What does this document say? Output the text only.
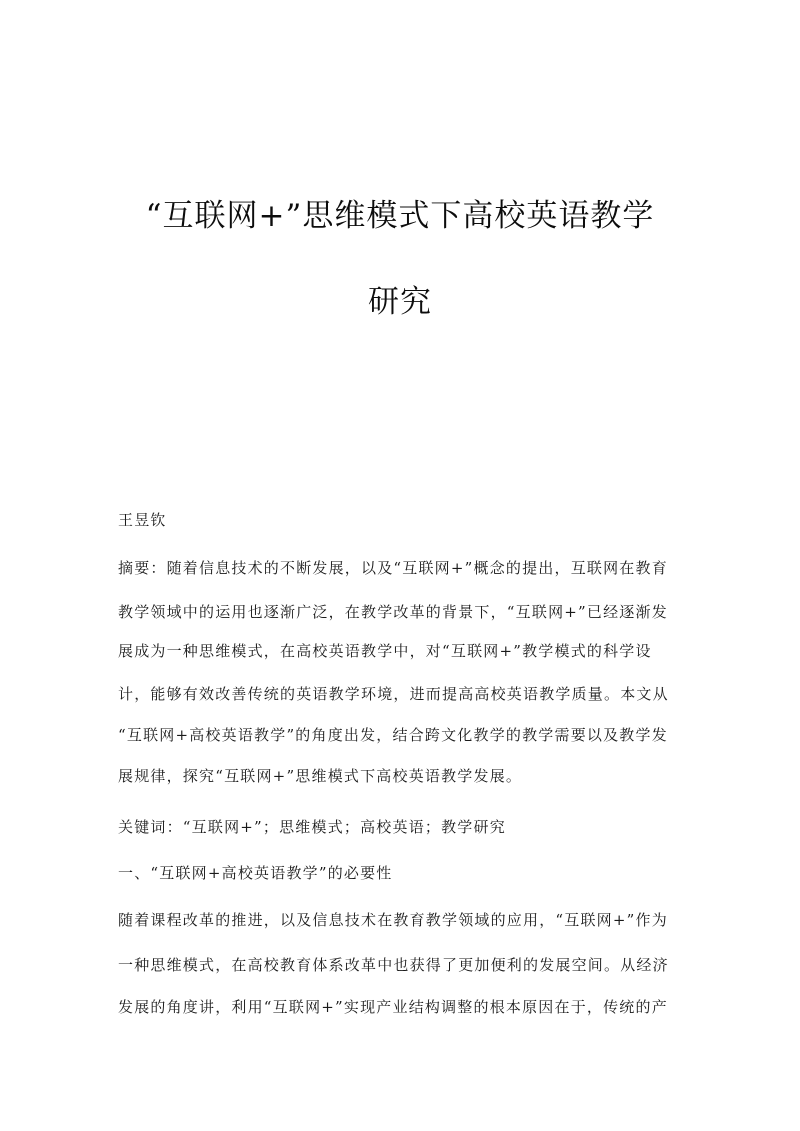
“互联网+”思维模式下高校英语教学
研究
王昱钦
摘要：随着信息技术的不断发展，以及“互联网+”概念的提出，互联网在教育
教学领域中的运用也逐渐广泛，在教学改革的背景下，“互联网+”已经逐渐发
展成为一种思维模式，在高校英语教学中，对“互联网+”教学模式的科学设
计，能够有效改善传统的英语教学环境，进而提高高校英语教学质量。本文从
“互联网+高校英语教学”的角度出发，结合跨文化教学的教学需要以及教学发
展规律，探究“互联网+”思维模式下高校英语教学发展。
关键词：“互联网+”；思维模式；高校英语；教学研究
一、“互联网+高校英语教学”的必要性
随着课程改革的推进，以及信息技术在教育教学领域的应用，“互联网+”作为
一种思维模式，在高校教育体系改革中也获得了更加便利的发展空间。从经济
发展的角度讲，利用“互联网+”实现产业结构调整的根本原因在于，传统的产
